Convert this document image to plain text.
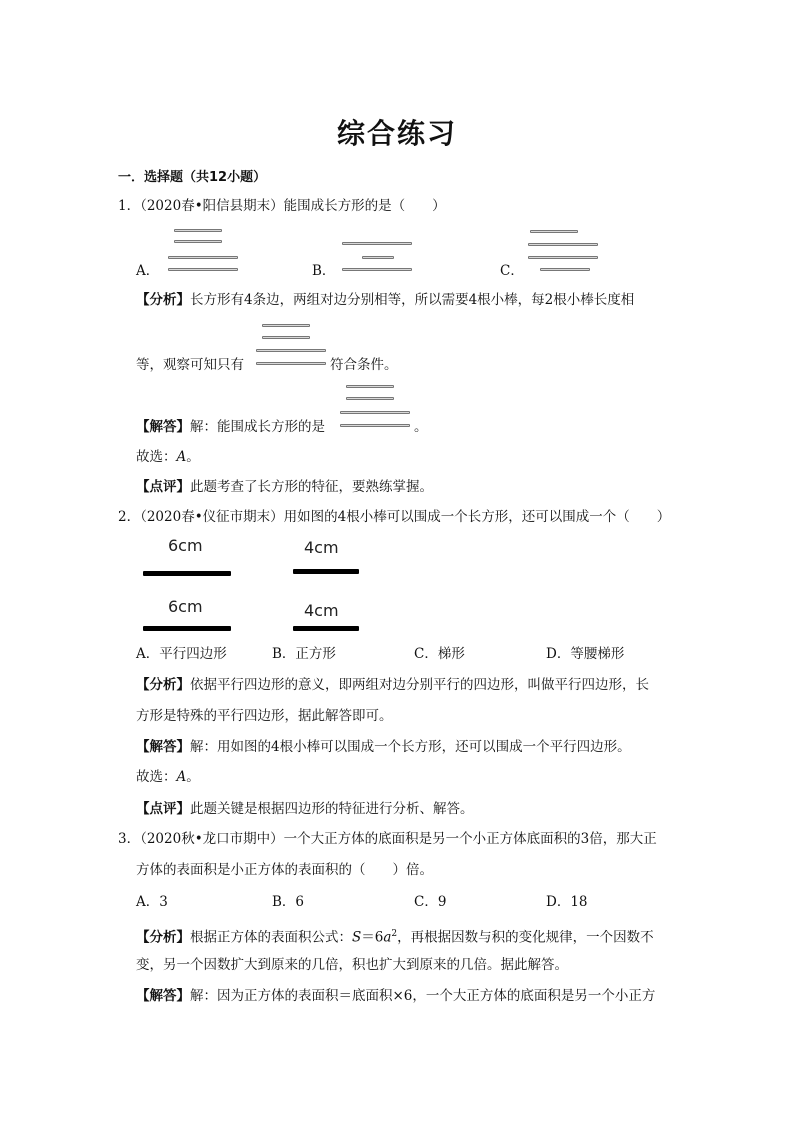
综合练习
一．选择题（共12小题）
1．（2020春•阳信县期末）能围成长方形的是（　　）
A．	B．	C．
【分析】长方形有4条边，两组对边分别相等，所以需要4根小棒，每2根小棒长度相
等，观察可知只有	符合条件。
【解答】解：能围成长方形的是	。
故选：A。
【点评】此题考查了长方形的特征，要熟练掌握。
2．（2020春•仪征市期末）用如图的4根小棒可以围成一个长方形，还可以围成一个（　　）
6cm	4cm
6cm	4cm
A．平行四边形	B．正方形	C．梯形	D．等腰梯形
【分析】依据平行四边形的意义，即两组对边分别平行的四边形，叫做平行四边形，长
方形是特殊的平行四边形，据此解答即可。
【解答】解：用如图的4根小棒可以围成一个长方形，还可以围成一个平行四边形。
故选：A。
【点评】此题关键是根据四边形的特征进行分析、解答。
3．（2020秋•龙口市期中）一个大正方体的底面积是另一个小正方体底面积的3倍，那大正
方体的表面积是小正方体的表面积的（　　）倍。
A．3	B．6	C．9	D．18
【分析】根据正方体的表面积公式：$S=6a^2$，再根据因数与积的变化规律，一个因数不
变，另一个因数扩大到原来的几倍，积也扩大到原来的几倍。据此解答。
【解答】解：因为正方体的表面积＝底面积×6，一个大正方体的底面积是另一个小正方
